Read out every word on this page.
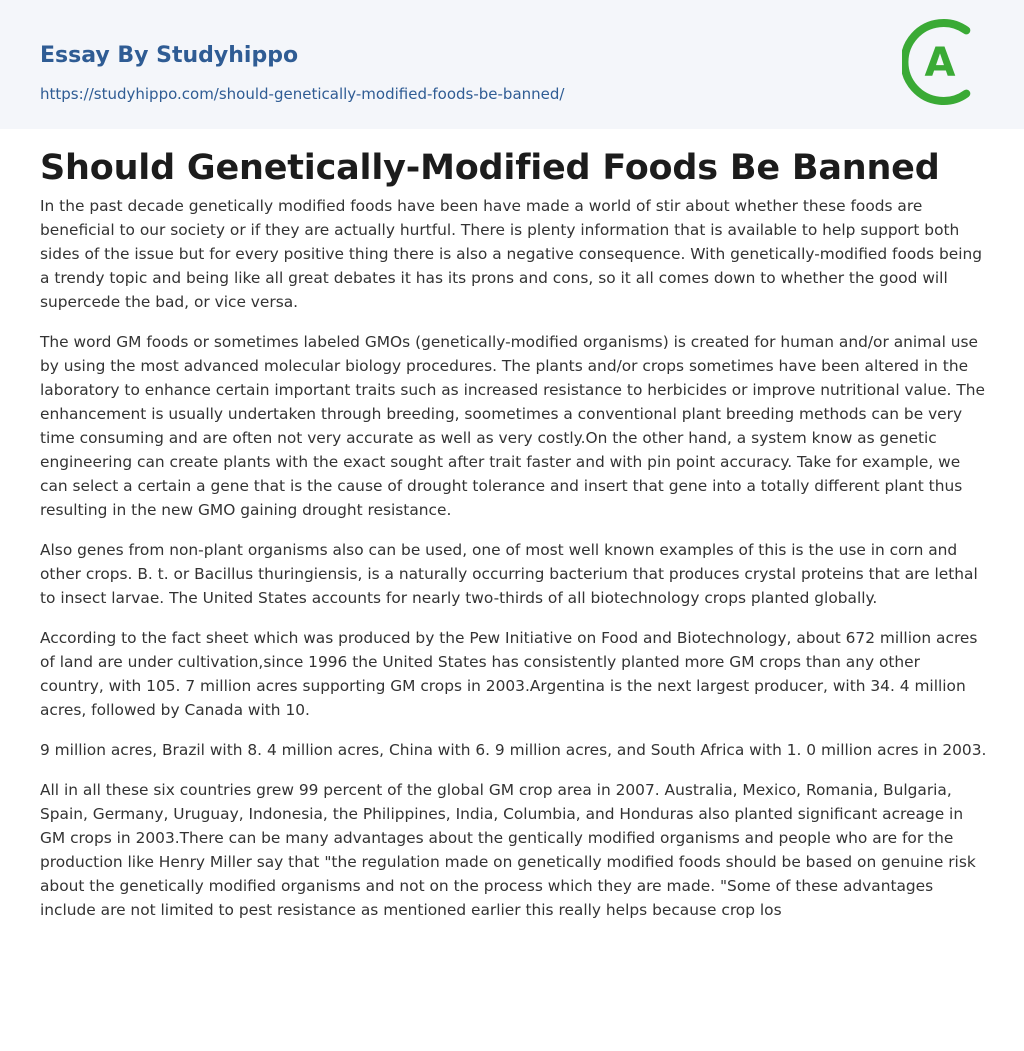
Essay By Studyhippo
https://studyhippo.com/should-genetically-modified-foods-be-banned/
A
Should Genetically-Modified Foods Be Banned

In the past decade genetically modified foods have been have made a world of stir about whether these foods are beneficial to our society or if they are actually hurtful. There is plenty information that is available to help support both sides of the issue but for every positive thing there is also a negative consequence. With genetically-modified foods being a trendy topic and being like all great debates it has its prons and cons, so it all comes down to whether the good will supercede the bad, or vice versa.

The word GM foods or sometimes labeled GMOs (genetically-modified organisms) is created for human and/or animal use by using the most advanced molecular biology procedures. The plants and/or crops sometimes have been altered in the laboratory to enhance certain important traits such as increased resistance to herbicides or improve nutritional value. The enhancement is usually undertaken through breeding, soometimes a conventional plant breeding methods can be very time consuming and are often not very accurate as well as very costly.On the other hand, a system know as genetic engineering can create plants with the exact sought after trait faster and with pin point accuracy. Take for example, we can select a certain a gene that is the cause of drought tolerance and insert that gene into a totally different plant thus resulting in the new GMO gaining drought resistance.

Also genes from non-plant organisms also can be used, one of most well known examples of this is the use in corn and other crops. B. t. or Bacillus thuringiensis, is a naturally occurring bacterium that produces crystal proteins that are lethal to insect larvae. The United States accounts for nearly two-thirds of all biotechnology crops planted globally.

According to the fact sheet which was produced by the Pew Initiative on Food and Biotechnology, about 672 million acres of land are under cultivation,since 1996 the United States has consistently planted more GM crops than any other country, with 105. 7 million acres supporting GM crops in 2003.Argentina is the next largest producer, with 34. 4 million acres, followed by Canada with 10.

9 million acres, Brazil with 8. 4 million acres, China with 6. 9 million acres, and South Africa with 1. 0 million acres in 2003.

All in all these six countries grew 99 percent of the global GM crop area in 2007. Australia, Mexico, Romania, Bulgaria, Spain, Germany, Uruguay, Indonesia, the Philippines, India, Columbia, and Honduras also planted significant acreage in GM crops in 2003.There can be many advantages about the gentically modified organisms and people who are for the production like Henry Miller say that "the regulation made on genetically modified foods should be based on genuine risk about the genetically modified organisms and not on the process which they are made. "Some of these advantages include are not limited to pest resistance as mentioned earlier this really helps because crop los
